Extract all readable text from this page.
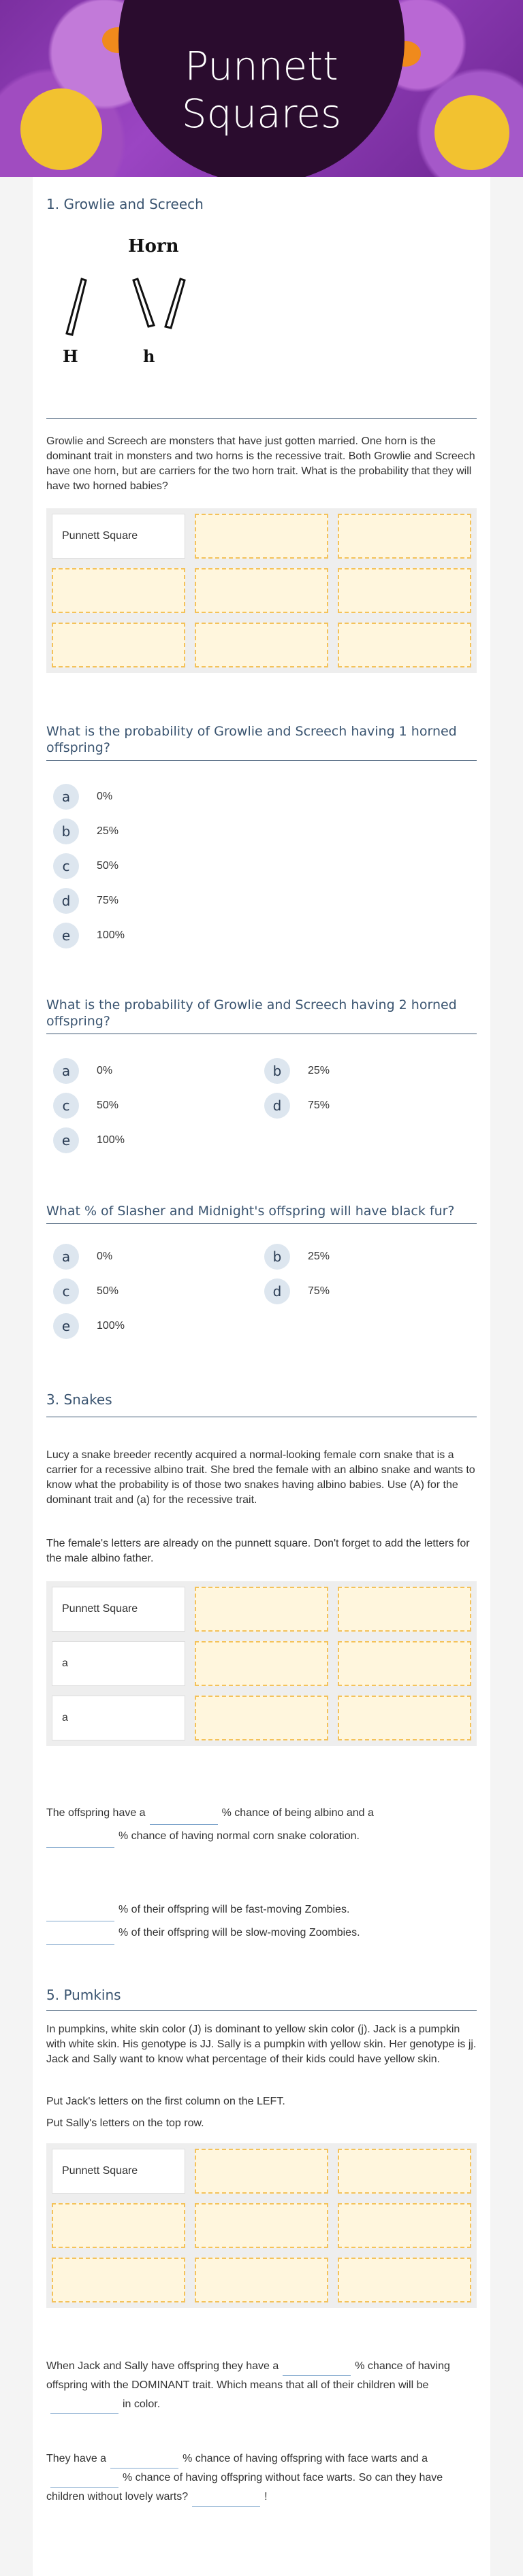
Punnett
Squares
1. Growlie and Screech
Horn
H	h
Growlie and Screech are monsters that have just gotten married. One horn is the dominant trait in monsters and two horns is the recessive trait. Both Growlie and Screech have one horn, but are carriers for the two horn trait. What is the probability that they will have two horned babies?
Punnett Square
What is the probability of Growlie and Screech having 1 horned offspring?
a	0%
b	25%
c	50%
d	75%
e	100%
What is the probability of Growlie and Screech having 2 horned offspring?
a	0%	b	25%
c	50%	d	75%
e	100%
What % of Slasher and Midnight's offspring will have black fur?
a	0%	b	25%
c	50%	d	75%
e	100%
3. Snakes
Lucy a snake breeder recently acquired a normal-looking female corn snake that is a carrier for a recessive albino trait. She bred the female with an albino snake and wants to know what the probability is of those two snakes having albino babies. Use (A) for the dominant trait and (a) for the recessive trait.
The female's letters are already on the punnett square. Don't forget to add the letters for the male albino father.
Punnett Square
a
a
The offspring have a	% chance of being albino and a
% chance of having normal corn snake coloration.
% of their offspring will be fast-moving Zombies.
% of their offspring will be slow-moving Zoombies.
5. Pumkins
In pumpkins, white skin color (J) is dominant to yellow skin color (j). Jack is a pumpkin with white skin. His genotype is JJ. Sally is a pumpkin with yellow skin. Her genotype is jj. Jack and Sally want to know what percentage of their kids could have yellow skin.
Put Jack's letters on the first column on the LEFT.
Put Sally's letters on the top row.
Punnett Square
When Jack and Sally have offspring they have a	% chance of having offspring with the DOMINANT trait. Which means that all of their children will bein color.
They have a	% chance of having offspring with face warts and a% chance of having offspring without face warts. So can they have children without lovely warts?	!
